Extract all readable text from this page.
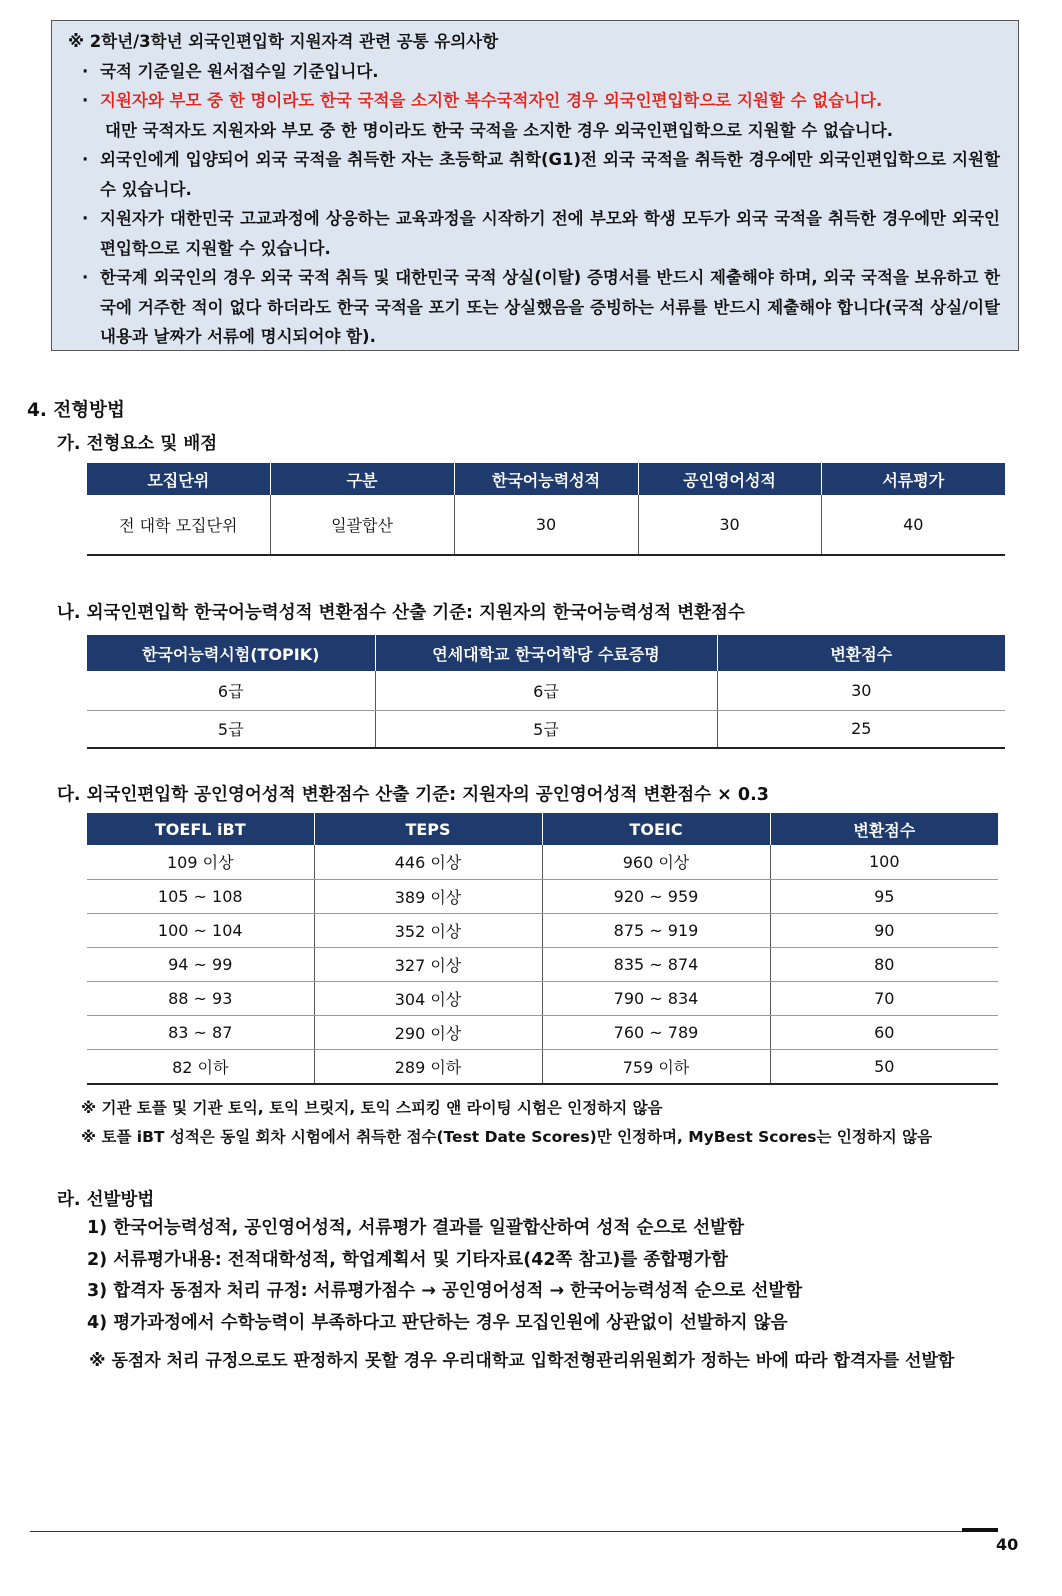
※ 2학년/3학년 외국인편입학 지원자격 관련 공통 유의사항
· 국적 기준일은 원서접수일 기준입니다.
· 지원자와 부모 중 한 명이라도 한국 국적을 소지한 복수국적자인 경우 외국인편입학으로 지원할 수 없습니다.
대만 국적자도 지원자와 부모 중 한 명이라도 한국 국적을 소지한 경우 외국인편입학으로 지원할 수 없습니다.
· 외국인에게 입양되어 외국 국적을 취득한 자는 초등학교 취학(G1)전 외국 국적을 취득한 경우에만 외국인편입학으로 지원할 수 있습니다.
· 지원자가 대한민국 고교과정에 상응하는 교육과정을 시작하기 전에 부모와 학생 모두가 외국 국적을 취득한 경우에만 외국인편입학으로 지원할 수 있습니다.
· 한국계 외국인의 경우 외국 국적 취득 및 대한민국 국적 상실(이탈) 증명서를 반드시 제출해야 하며, 외국 국적을 보유하고 한국에 거주한 적이 없다 하더라도 한국 국적을 포기 또는 상실했음을 증빙하는 서류를 반드시 제출해야 합니다(국적 상실/이탈 내용과 날짜가 서류에 명시되어야 함).
4. 전형방법
가. 전형요소 및 배점
모집단위	구분	한국어능력성적	공인영어성적	서류평가
전 대학 모집단위	일괄합산	30	30	40
나. 외국인편입학 한국어능력성적 변환점수 산출 기준: 지원자의 한국어능력성적 변환점수
한국어능력시험(TOPIK)	연세대학교 한국어학당 수료증명	변환점수
6급	6급	30
5급	5급	25
다. 외국인편입학 공인영어성적 변환점수 산출 기준: 지원자의 공인영어성적 변환점수 × 0.3
TOEFL iBT	TEPS	TOEIC	변환점수
109 이상	446 이상	960 이상	100
105 ~ 108	389 이상	920 ~ 959	95
100 ~ 104	352 이상	875 ~ 919	90
94 ~ 99	327 이상	835 ~ 874	80
88 ~ 93	304 이상	790 ~ 834	70
83 ~ 87	290 이상	760 ~ 789	60
82 이하	289 이하	759 이하	50
※ 기관 토플 및 기관 토익, 토익 브릿지, 토익 스피킹 앤 라이팅 시험은 인정하지 않음
※ 토플 iBT 성적은 동일 회차 시험에서 취득한 점수(Test Date Scores)만 인정하며, MyBest Scores는 인정하지 않음
라. 선발방법
1) 한국어능력성적, 공인영어성적, 서류평가 결과를 일괄합산하여 성적 순으로 선발함
2) 서류평가내용: 전적대학성적, 학업계획서 및 기타자료(42쪽 참고)를 종합평가함
3) 합격자 동점자 처리 규정: 서류평가점수 → 공인영어성적 → 한국어능력성적 순으로 선발함
4) 평가과정에서 수학능력이 부족하다고 판단하는 경우 모집인원에 상관없이 선발하지 않음
※ 동점자 처리 규정으로도 판정하지 못할 경우 우리대학교 입학전형관리위원회가 정하는 바에 따라 합격자를 선발함
40
